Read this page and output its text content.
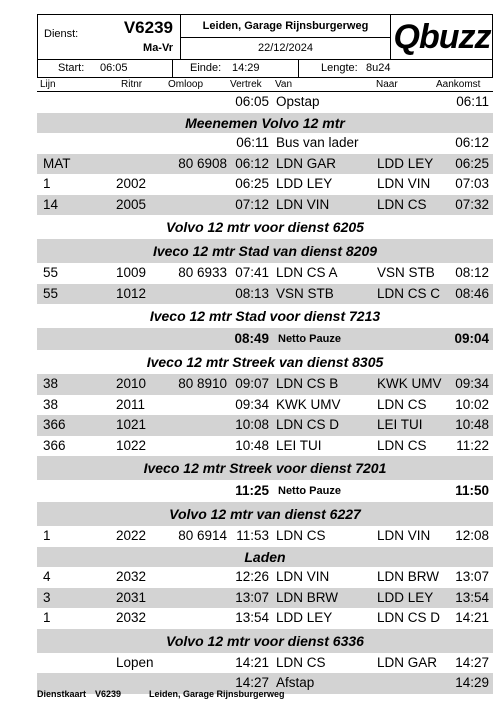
Dienst:	V6239
Ma-Vr
Leiden, Garage Rijnsburgerweg
22/12/2024	Qbuzz
Start: 06:05	Einde: 14:29	Lengte: 8u24
Lijn	Ritnr	Omloop	Vertrek Van	Naar	Aankomst
06:05 Opstap	06:11
Meenemen Volvo 12 mtr
06:11 Bus van lader	06:12
MAT	80 6908 06:12 LDN GAR	LDD LEY	06:25
1	2002	06:25 LDD LEY	LDN VIN	07:03
14	2005	07:12 LDN VIN	LDN CS	07:32
Volvo 12 mtr voor dienst 6205
Iveco 12 mtr Stad van dienst 8209
55	1009	80 6933 07:41 LDN CS A	VSN STB	08:12
55	1012	08:13 VSN STB	LDN CS C	08:46
Iveco 12 mtr Stad voor dienst 7213
08:49 Netto Pauze	09:04
Iveco 12 mtr Streek van dienst 8305
38	2010	80 8910 09:07 LDN CS B	KWK UMV	09:34
38	2011	09:34 KWK UMV	LDN CS	10:02
366	1021	10:08 LDN CS D	LEI TUI	10:48
366	1022	10:48 LEI TUI	LDN CS	11:22
Iveco 12 mtr Streek voor dienst 7201
11:25 Netto Pauze	11:50
Volvo 12 mtr van dienst 6227
1	2022	80 6914 11:53 LDN CS	LDN VIN	12:08
Laden
4	2032	12:26 LDN VIN	LDN BRW	13:07
3	2031	13:07 LDN BRW	LDD LEY	13:54
1	2032	13:54 LDD LEY	LDN CS D	14:21
Volvo 12 mtr voor dienst 6336
Lopen	14:21 LDN CS	LDN GAR	14:27
14:27 Afstap	14:29
Dienstkaart V6239	Leiden, Garage Rijnsburgerweg
